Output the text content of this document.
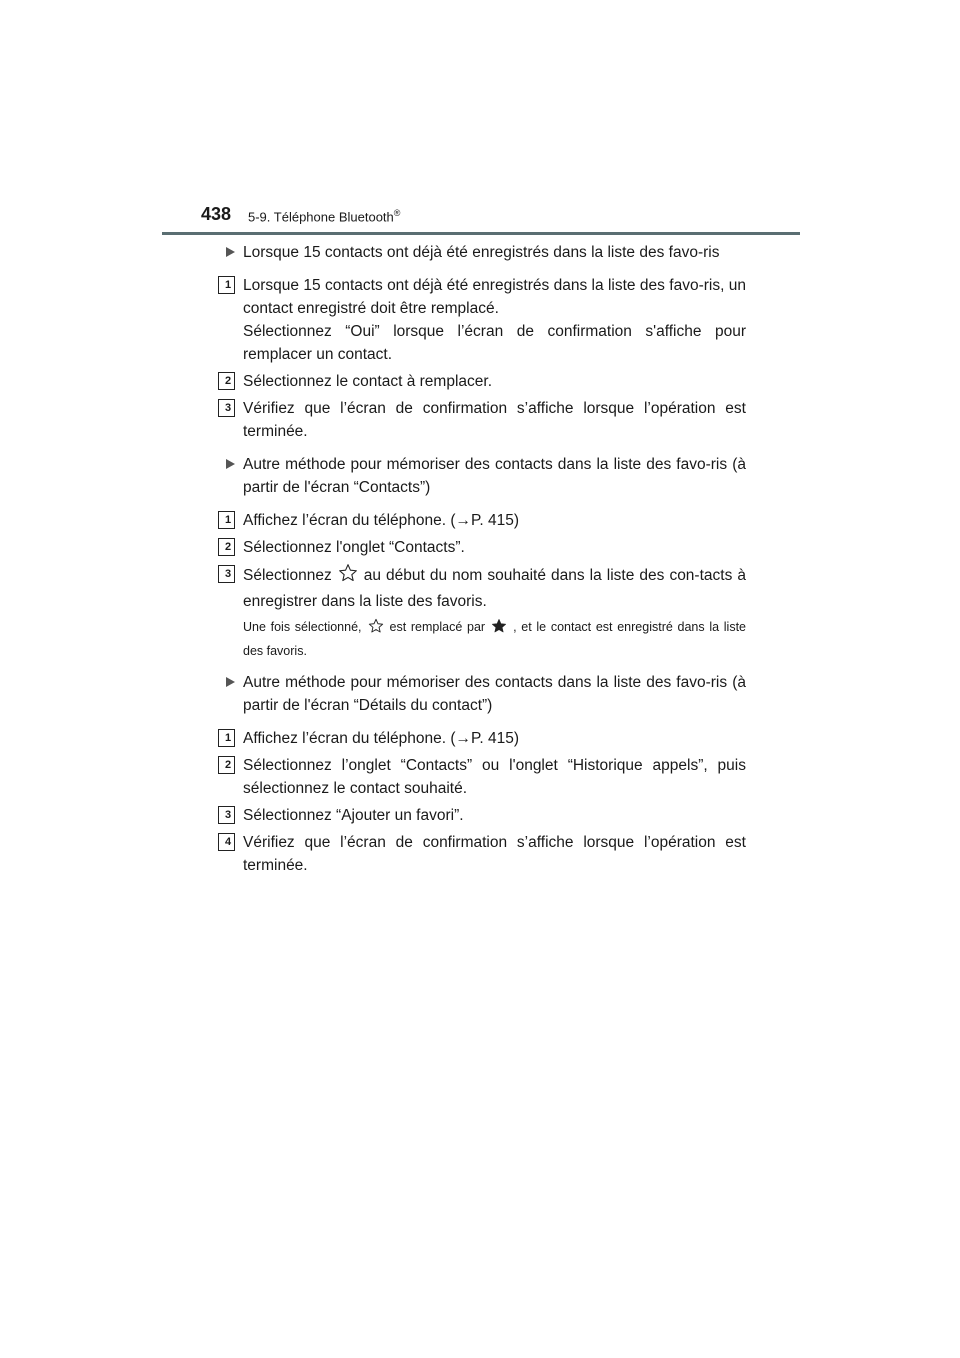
438 5-9. Téléphone Bluetooth®

Lorsque 15 contacts ont déjà été enregistrés dans la liste des favo-ris

1 Lorsque 15 contacts ont déjà été enregistrés dans la liste des favo-ris, un contact enregistré doit être remplacé.

Sélectionnez “Oui” lorsque l’écran de confirmation s'affiche pour remplacer un contact.

2 Sélectionnez le contact à remplacer.

3 Vérifiez que l’écran de confirmation s’affiche lorsque l’opération est terminée.

Autre méthode pour mémoriser des contacts dans la liste des favo-ris (à partir de l'écran “Contacts”)

1 Affichez l’écran du téléphone. (→P. 415)

2 Sélectionnez l'onglet “Contacts”.

3 Sélectionnez au début du nom souhaité dans la liste des con-tacts à enregistrer dans la liste des favoris.

Une fois sélectionné, est remplacé par , et le contact est enregistré dans la liste des favoris.

Autre méthode pour mémoriser des contacts dans la liste des favo-ris (à partir de l'écran “Détails du contact”)

1 Affichez l’écran du téléphone. (→P. 415)

2 Sélectionnez l’onglet “Contacts” ou l'onglet “Historique appels”, puis sélectionnez le contact souhaité.

3 Sélectionnez “Ajouter un favori”.

4 Vérifiez que l’écran de confirmation s’affiche lorsque l’opération est terminée.
